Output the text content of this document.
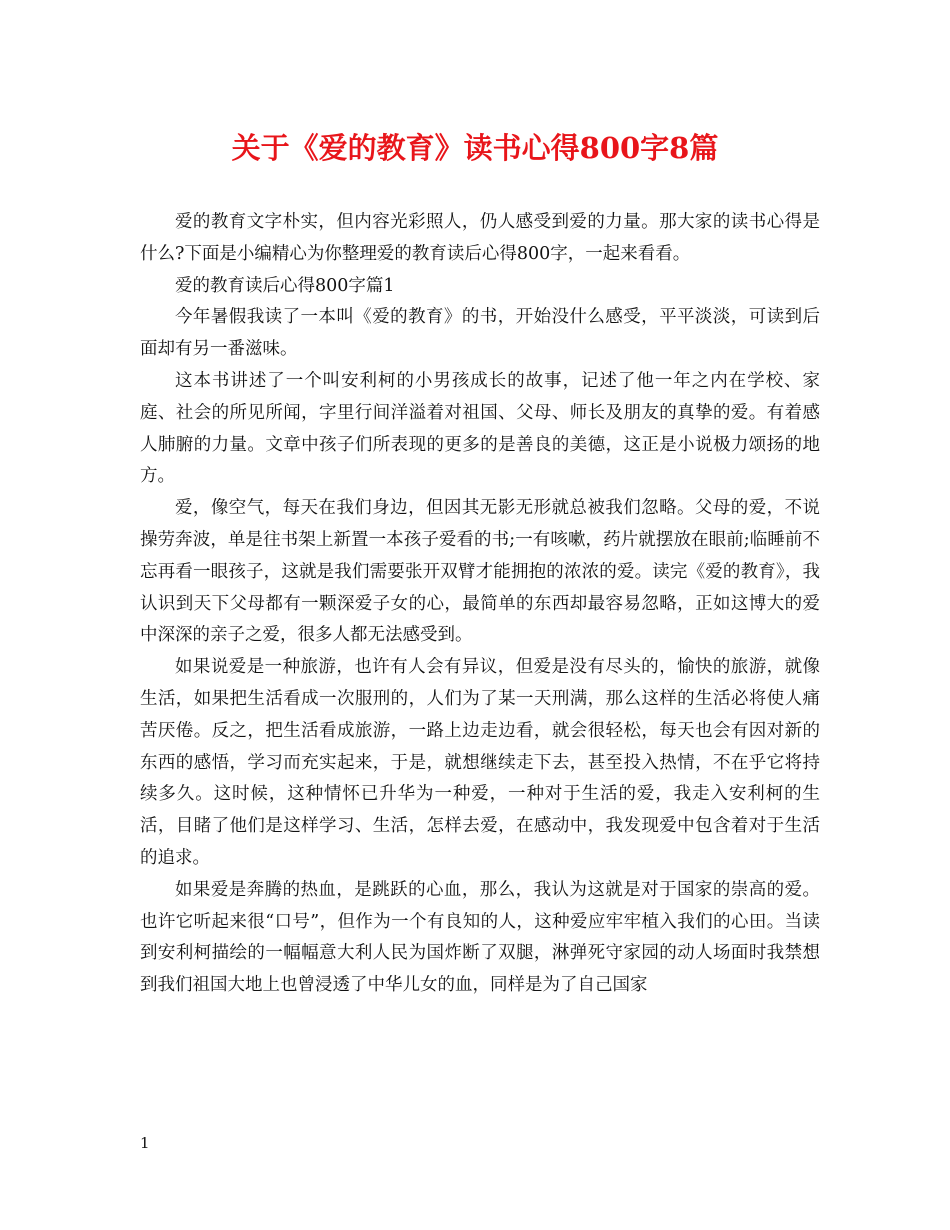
关于《爱的教育》读书心得800字8篇

爱的教育文字朴实，但内容光彩照人，仍人感受到爱的力量。那大家的读书心得是什么?下面是小编精心为你整理爱的教育读后心得800字，一起来看看。

爱的教育读后心得800字篇1

今年暑假我读了一本叫《爱的教育》的书，开始没什么感受，平平淡淡，可读到后面却有另一番滋味。

这本书讲述了一个叫安利柯的小男孩成长的故事，记述了他一年之内在学校、家庭、社会的所见所闻，字里行间洋溢着对祖国、父母、师长及朋友的真挚的爱。有着感人肺腑的力量。文章中孩子们所表现的更多的是善良的美德，这正是小说极力颂扬的地方。

爱，像空气，每天在我们身边，但因其无影无形就总被我们忽略。父母的爱，不说操劳奔波，单是往书架上新置一本孩子爱看的书;一有咳嗽，药片就摆放在眼前;临睡前不忘再看一眼孩子，这就是我们需要张开双臂才能拥抱的浓浓的爱。读完《爱的教育》，我认识到天下父母都有一颗深爱子女的心，最简单的东西却最容易忽略，正如这博大的爱中深深的亲子之爱，很多人都无法感受到。

如果说爱是一种旅游，也许有人会有异议，但爱是没有尽头的，愉快的旅游，就像生活，如果把生活看成一次服刑的，人们为了某一天刑满，那么这样的生活必将使人痛苦厌倦。反之，把生活看成旅游，一路上边走边看，就会很轻松，每天也会有因对新的东西的感悟，学习而充实起来，于是，就想继续走下去，甚至投入热情，不在乎它将持续多久。这时候，这种情怀已升华为一种爱，一种对于生活的爱，我走入安利柯的生活，目睹了他们是这样学习、生活，怎样去爱，在感动中，我发现爱中包含着对于生活的追求。

如果爱是奔腾的热血，是跳跃的心血，那么，我认为这就是对于国家的崇高的爱。也许它听起来很“口号”，但作为一个有良知的人，这种爱应牢牢植入我们的心田。当读到安利柯描绘的一幅幅意大利人民为国炸断了双腿，淋弹死守家园的动人场面时我禁想到我们祖国大地上也曾浸透了中华儿女的血，同样是为了自己国家

1
